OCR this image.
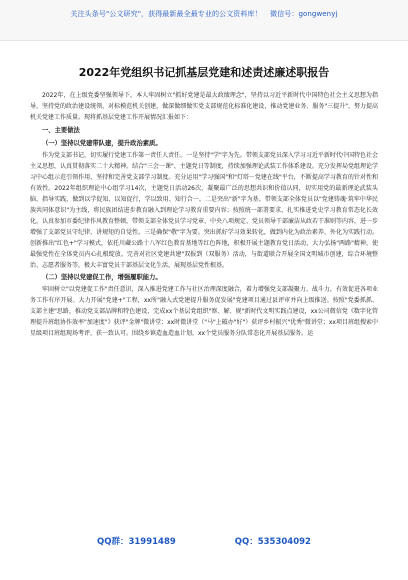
关注头条号"公文研究"，获得最新最全最专业的公文资料库！ 微信号：gongwenyj
2022年党组织书记抓基层党建和述责述廉述职报告

2022年，在上级党委坚强领导下，本人牢固树立"抓好党建是最大政绩理念"，坚持以习近平新时代中国特色社会主义思想为指导，坚持党的政治建设统领，对标模范机关创建，做深做细做实党支部规范化标准化建设，推动党建业务、服务"三提升"，努力提高机关党建工作质量。现将抓基层党建工作开展情况汇报如下：

一、主要做法
（一）坚持以党建带队建，提升政治素质。

作为党支部书记，切实履行党建工作第一责任人责任。一是坚持"学"字为先。带领支部党员深入学习习近平新时代中国特色社会主义思想，认真贯彻落实二十大精神。结合"三会一课"、主题党日等制度，持续加强理论武装工作体系建设。充分发挥局党组理论学习中心组示范引领作用，坚持和完善党支部学习制度。充分运用"学习强国"和"灯塔－党建在线"平台，不断提高学习教育的针对性和有效性。2022年组织理论中心组学习14次，主题党日活动26次，凝聚最广泛的思想共识和价值认同，切实用党的最新理论武装头脑、指导实践，做到以学促知、以知促行，学以致用、知行合一。二是突出"新"字为基。带领支部全体党员以"党建铸魂·筑牢中华民族共同体意识"为主线，将民族团结进步教育融入到理论学习教育重要内容；按照统一部署要求，扎实推进党史学习教育常态化长效化，认真参加市委纪律作风教育整顿，带领支部全体党员学习党章、中央八项规定、党员领导干部廉洁从政若干准则等内容，进一步增强了支部党员守纪律、讲规矩的自觉性。三是确保"敬"字为要。突出抓好学习效果转化，做到内化为政治素养、外化为实践行动。创新推出"红色+"学习模式，依托川藏公路十八军红色教育基地等红色阵地，积极开展主题教育党日活动，大力弘扬"两路"精神，使最强党性在全体党员内心扎根绽放。完善对社区党建共建"双报到（双服务）活动，与街道联合开展全国文明城市创建，综合环境整治、志愿者服务等，极大丰富党员干部基层文化生活，展现基层党性根基。

（二）坚持以党建促工作，增强履职能力。

牢固树立"以党建促工作"责任意识，深入推进党建工作与社区治理深度融合，着力增强党支部凝聚力、战斗力，有效促进各项业务工作有序开展。大力开展"党建+"工程，xx所"融入式党建提升服务促发展"党建项目通过县评审并向上级推送。按照"党委抓抓、支部主建"思路，推动党支部品牌和特色建设，完成xx个基层党组织"察、解、规"新时代文明实践点建设，xx公司微信党《数字化管理提升班组协作效率"加速度"》获评"金牌"微讲堂；xx时微讲堂（"马"上破办"好"）获评乡村振兴"优秀"微讲堂；xx项目班组搜索中星级项目班组现场考评，获一致认可。围绕乡镇造血造血计划，xx个党员服务分队常态化开展基层服务。运

QQ群：31991489	QQ：535304092
